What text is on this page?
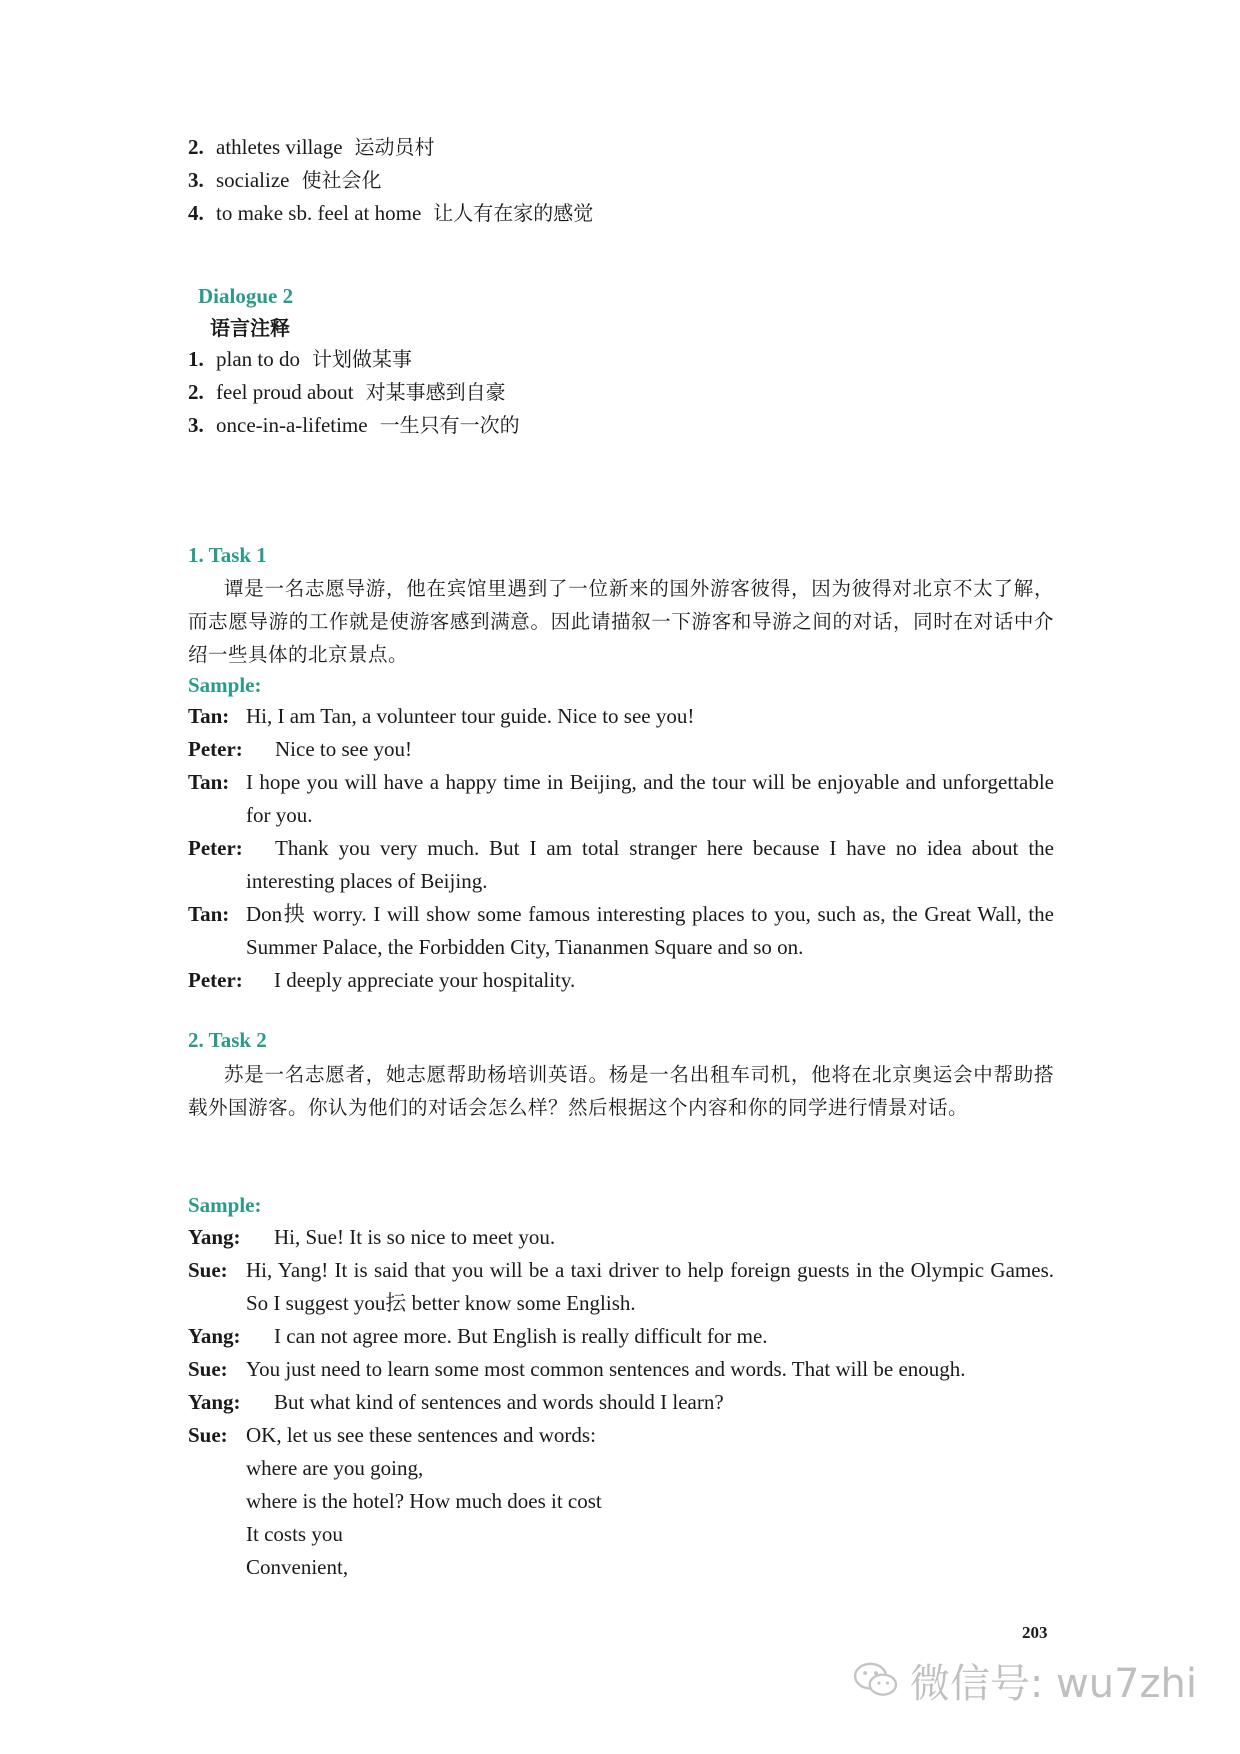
2. athletes village 运动员村
3. socialize 使社会化
4. to make sb. feel at home 让人有在家的感觉
Dialogue 2
语言注释
1. plan to do 计划做某事
2. feel proud about 对某事感到自豪
3. once-in-a-lifetime 一生只有一次的
1. Task 1
谭是一名志愿导游，他在宾馆里遇到了一位新来的国外游客彼得，因为彼得对北京不太了解，而志愿导游的工作就是使游客感到满意。因此请描叙一下游客和导游之间的对话，同时在对话中介绍一些具体的北京景点。
Sample:
Tan: Hi, I am Tan, a volunteer tour guide. Nice to see you!
Peter:	Nice to see you!
Tan: I hope you will have a happy time in Beijing, and the tour will be enjoyable and unforgettable for you.
Peter:	Thank you very much. But I am total stranger here because I have no idea about the interesting places of Beijing.
Tan: Don抰 worry. I will show some famous interesting places to you, such as, the Great Wall, the Summer Palace, the Forbidden City, Tiananmen Square and so on.
Peter:	I deeply appreciate your hospitality.
2. Task 2
苏是一名志愿者，她志愿帮助杨培训英语。杨是一名出租车司机，他将在北京奥运会中帮助搭载外国游客。你认为他们的对话会怎么样？然后根据这个内容和你的同学进行情景对话。
Sample:
Yang:	Hi, Sue! It is so nice to meet you.
Sue: Hi, Yang! It is said that you will be a taxi driver to help foreign guests in the Olympic Games. So I suggest you抎 better know some English.
Yang:	I can not agree more. But English is really difficult for me.
Sue: You just need to learn some most common sentences and words. That will be enough.
Yang:	But what kind of sentences and words should I learn?
Sue: OK, let us see these sentences and words:
where are you going,
where is the hotel? How much does it cost
It costs you
Convenient,
203
微信号: wu7zhi
